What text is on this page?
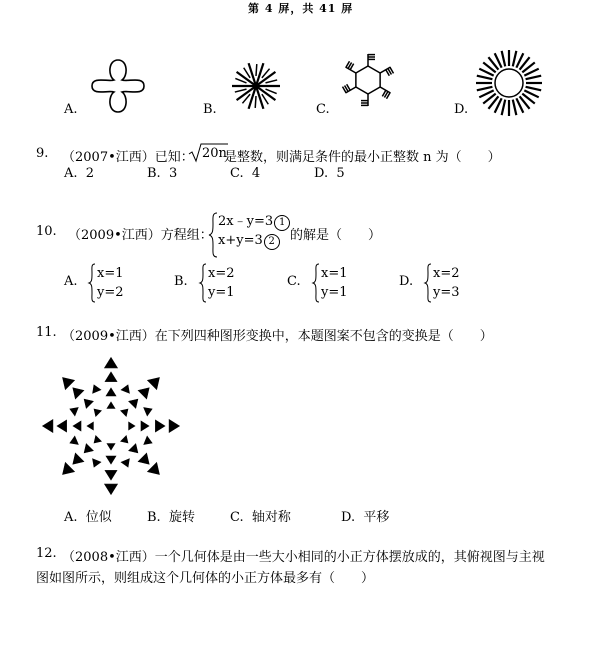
第 4 屏，共 41 屏
A.	B.	C.	D.
9. （2007•江西）已知： 20n
是整数，则满足条件的最小正整数 n 为（　　）
A. 2	B. 3	C. 4	D. 5
10. （2009•江西）方程组：
2x﹣y=3 1
x+y=3 2	的解是（　　）
A.
x=1
y=2
B.
x=2
y=1
C.
x=1
y=1
D.
x=2
y=3
11. （2009•江西）在下列四种图形变换中，本题图案不包含的变换是（　　）
A. 位似	B. 旋转	C. 轴对称	D. 平移
12. （2008•江西）一个几何体是由一些大小相同的小正方体摆放成的，其俯视图与主视
图如图所示，则组成这个几何体的小正方体最多有（　　）
